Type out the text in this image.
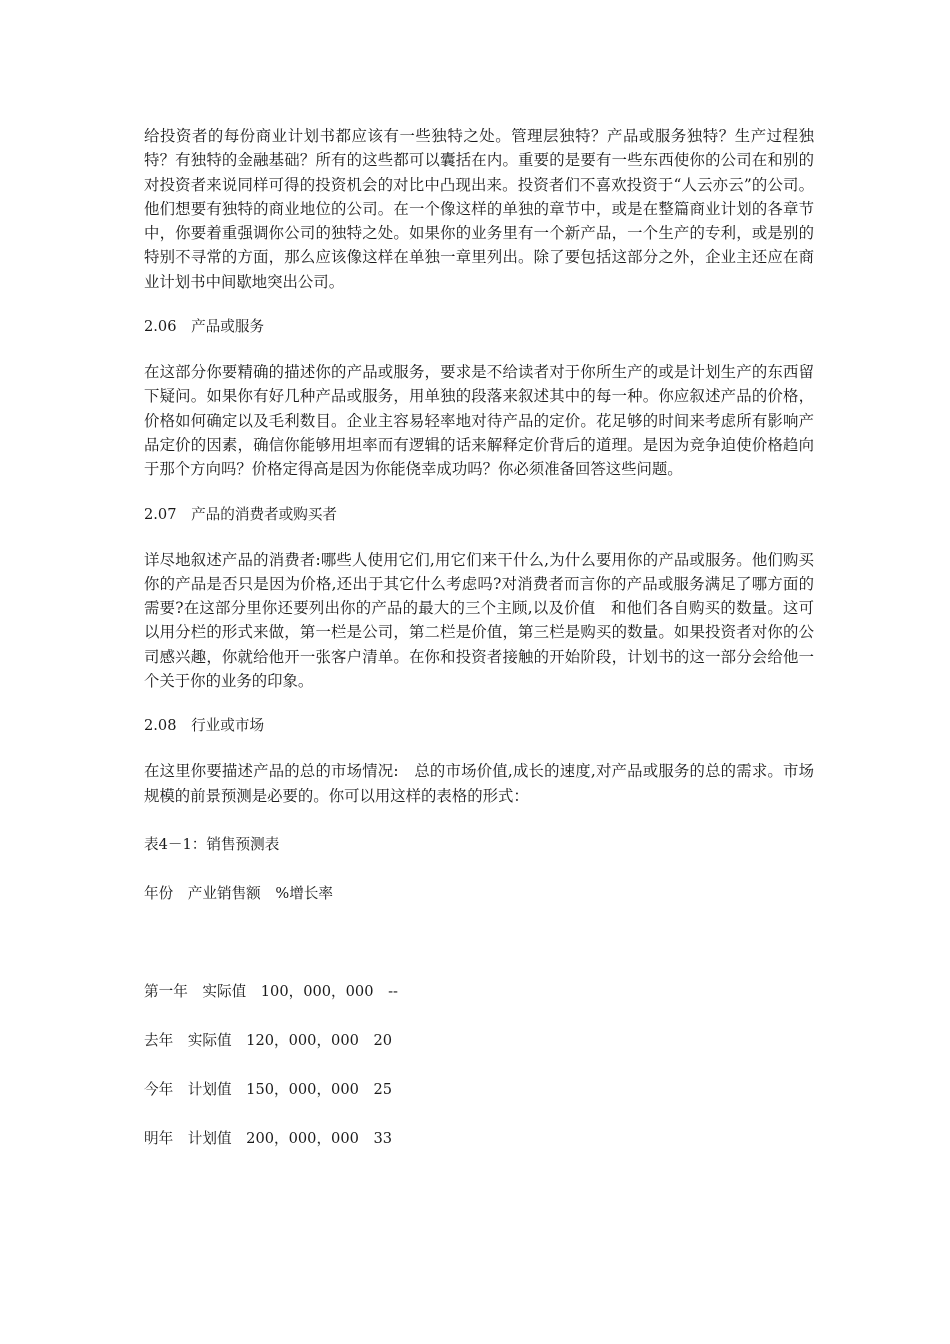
给投资者的每份商业计划书都应该有一些独特之处。管理层独特？产品或服务独特？生产过程独特？有独特的金融基础？所有的这些都可以囊括在内。重要的是要有一些东西使你的公司在和别的对投资者来说同样可得的投资机会的对比中凸现出来。投资者们不喜欢投资于“人云亦云”的公司。他们想要有独特的商业地位的公司。在一个像这样的单独的章节中，或是在整篇商业计划的各章节中，你要着重强调你公司的独特之处。如果你的业务里有一个新产品，一个生产的专利，或是别的特别不寻常的方面，那么应该像这样在单独一章里列出。除了要包括这部分之外，企业主还应在商业计划书中间歇地突出公司。

2.06　产品或服务

在这部分你要精确的描述你的产品或服务，要求是不给读者对于你所生产的或是计划生产的东西留下疑问。如果你有好几种产品或服务，用单独的段落来叙述其中的每一种。你应叙述产品的价格，价格如何确定以及毛利数目。企业主容易轻率地对待产品的定价。花足够的时间来考虑所有影响产品定价的因素，确信你能够用坦率而有逻辑的话来解释定价背后的道理。是因为竞争迫使价格趋向于那个方向吗？价格定得高是因为你能侥幸成功吗？你必须准备回答这些问题。

2.07　产品的消费者或购买者

详尽地叙述产品的消费者:哪些人使用它们,用它们来干什么,为什么要用你的产品或服务。他们购买你的产品是否只是因为价格,还出于其它什么考虑吗?对消费者而言你的产品或服务满足了哪方面的需要?在这部分里你还要列出你的产品的最大的三个主顾,以及价值　和他们各自购买的数量。这可以用分栏的形式来做，第一栏是公司，第二栏是价值，第三栏是购买的数量。如果投资者对你的公司感兴趣，你就给他开一张客户清单。在你和投资者接触的开始阶段，计划书的这一部分会给他一个关于你的业务的印象。

2.08　行业或市场

在这里你要描述产品的总的市场情况:　总的市场价值,成长的速度,对产品或服务的总的需求。市场规模的前景预测是必要的。你可以用这样的表格的形式：

表4－1：销售预测表

年份　产业销售额　%增长率

第一年　实际值　100，000，000　--

去年　实际值　120，000，000　20

今年　计划值　150，000，000　25

明年　计划值　200，000，000　33
